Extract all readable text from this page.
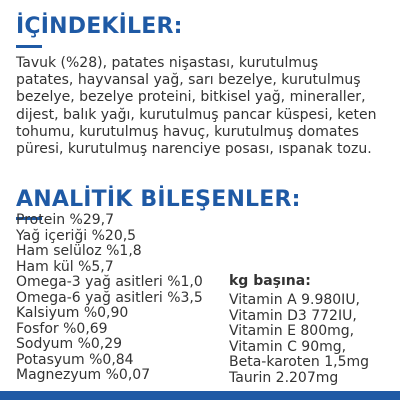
İÇİNDEKİLER:

Tavuk (%28), patates nişastası, kurutulmuş
patates, hayvansal yağ, sarı bezelye, kurutulmuş
bezelye, bezelye proteini, bitkisel yağ, mineraller,
dijest, balık yağı, kurutulmuş pancar küspesi, keten
tohumu, kurutulmuş havuç, kurutulmuş domates
püresi, kurutulmuş narenciye posası, ıspanak tozu.

ANALİTİK BİLEŞENLER:
Protein %29,7
Yağ içeriği %20,5
Ham selüloz %1,8
Ham kül %5,7
Omega-3 yağ asitleri %1,0
Omega-6 yağ asitleri %3,5
Kalsiyum %0,90
Fosfor %0,69
Sodyum %0,29
Potasyum %0,84
Magnezyum %0,07
kg başına:
Vitamin A 9.980IU,
Vitamin D3 772IU,
Vitamin E 800mg,
Vitamin C 90mg,
Beta-karoten 1,5mg
Taurin 2.207mg
